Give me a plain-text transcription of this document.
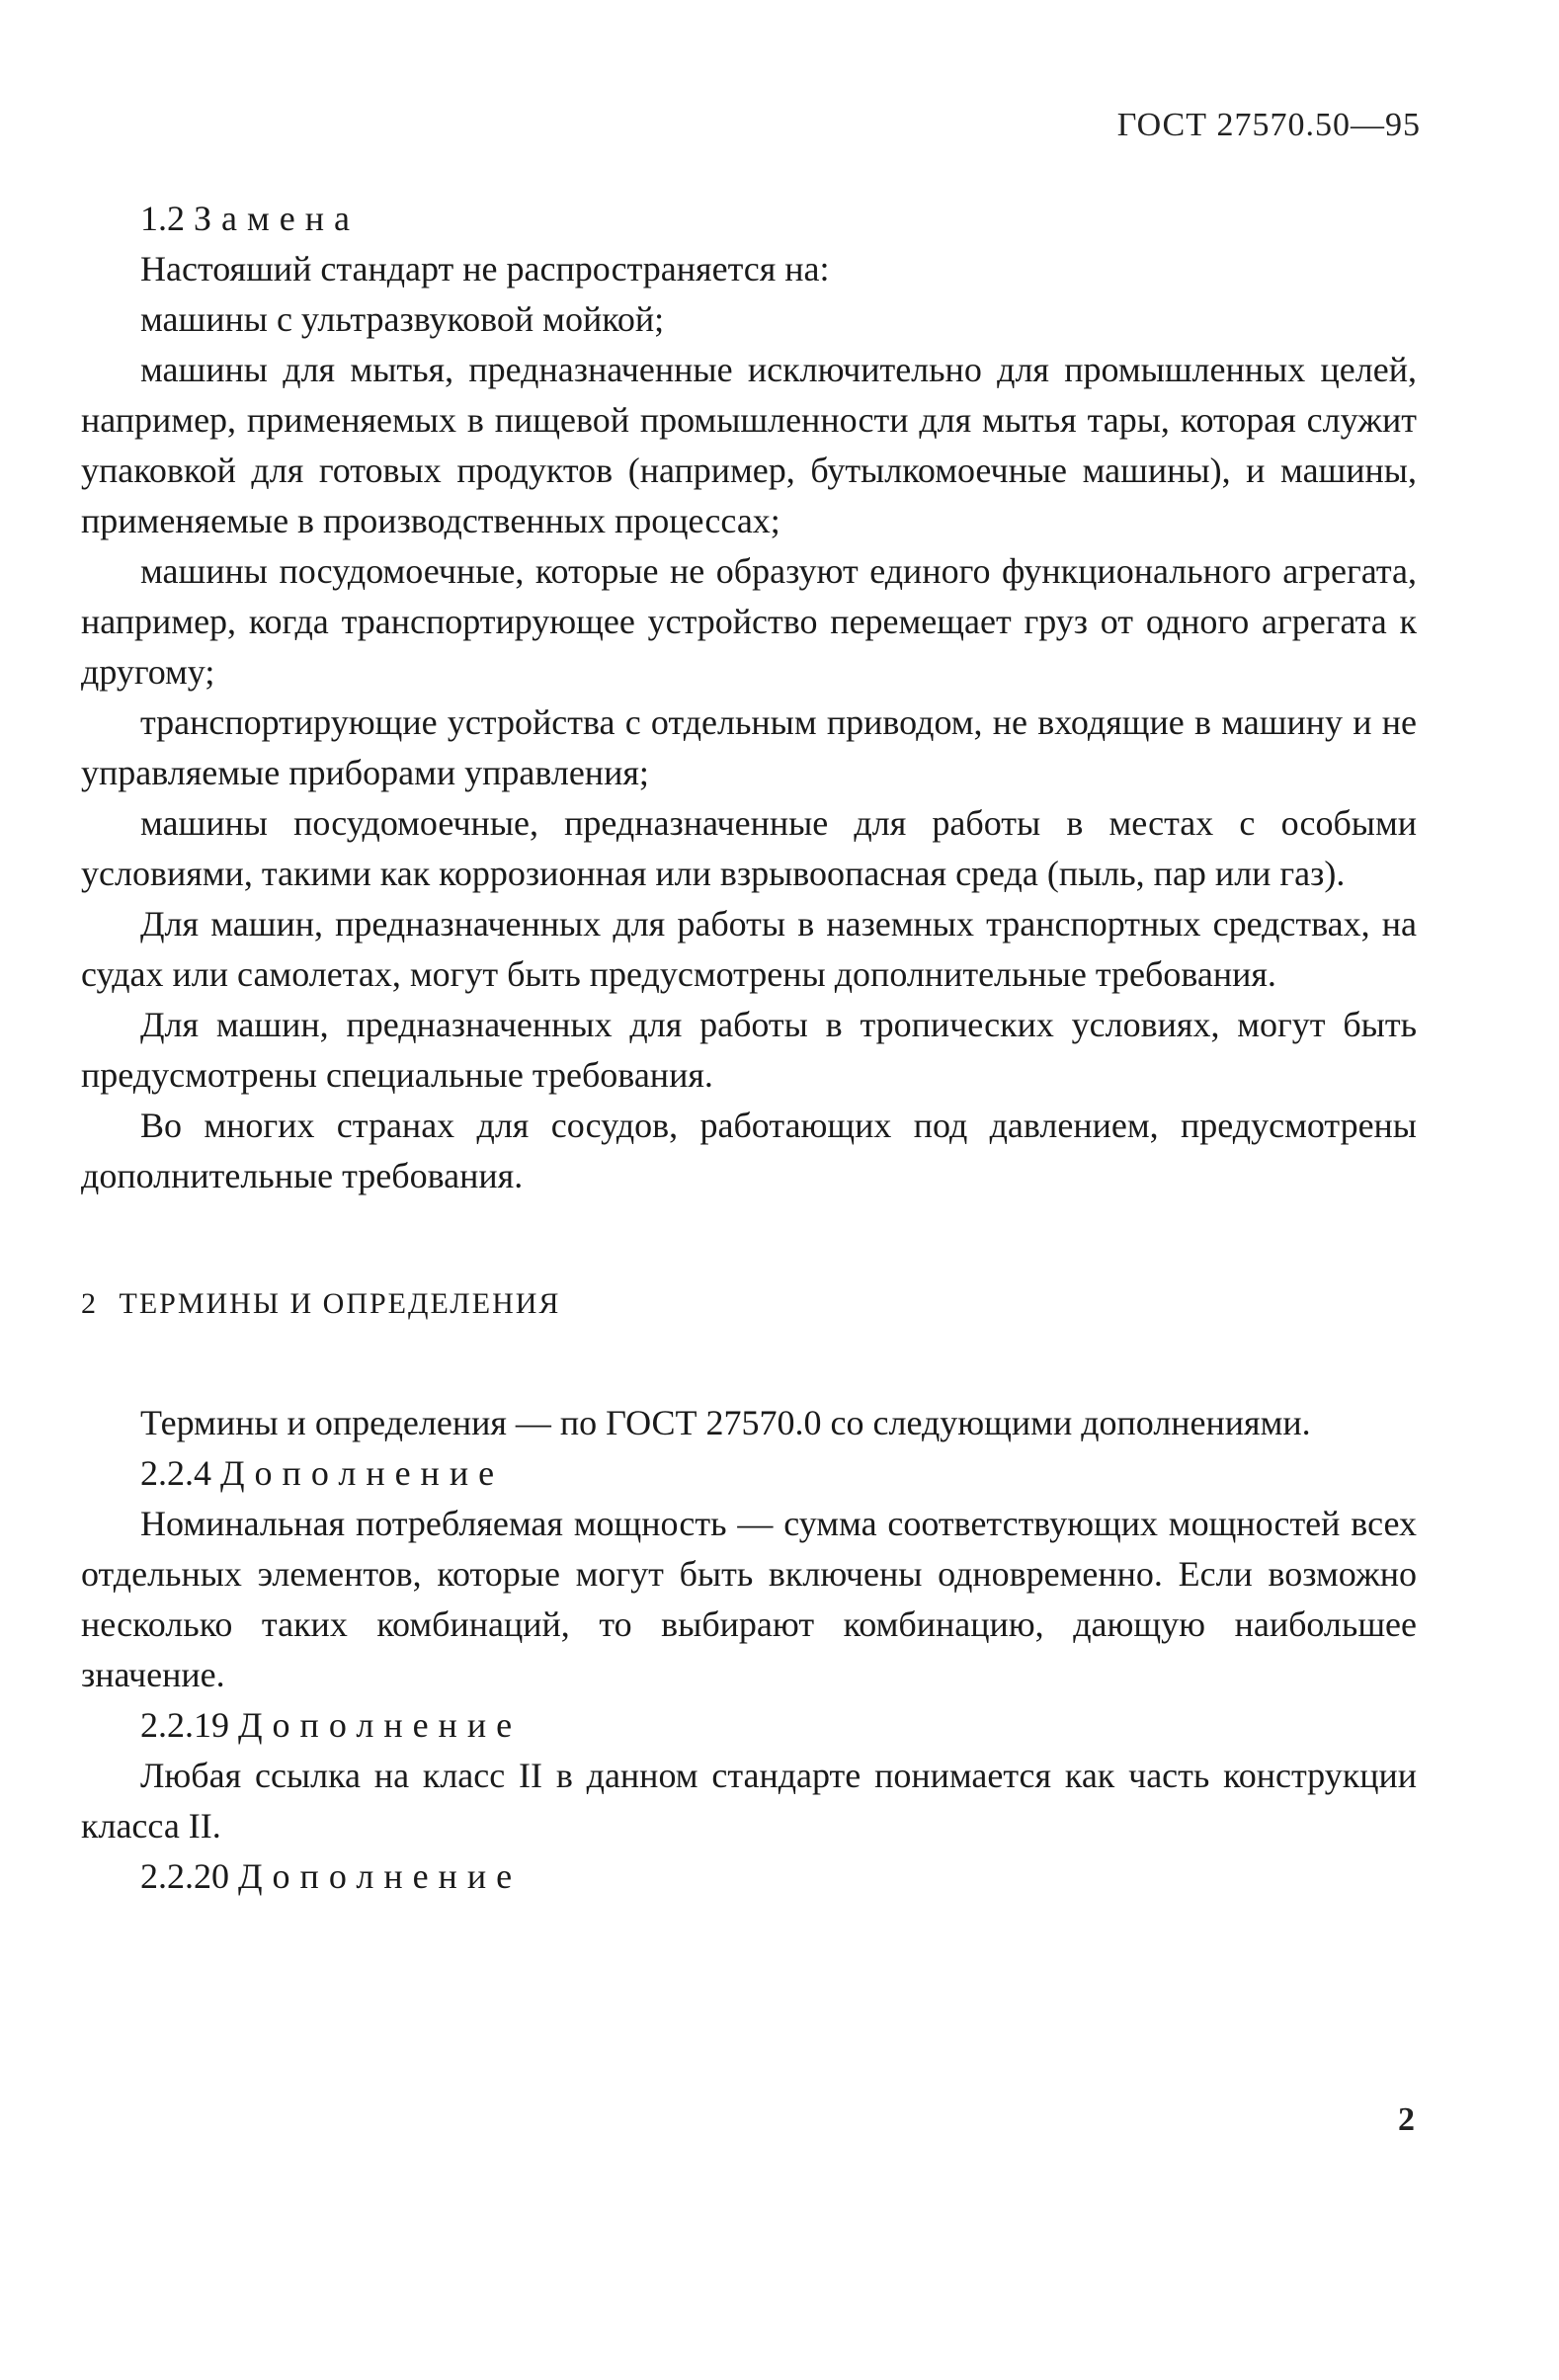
ГОСТ 27570.50—95

1.2 Замена

Настояший стандарт не распространяется на:

машины с ультразвуковой мойкой;

машины для мытья, предназначенные исключительно для промышленных целей, например, применяемых в пищевой промышленности для мытья тары, которая служит упаковкой для готовых продуктов (например, бутылкомоечные машины), и машины, применяемые в производственных процессах;

машины посудомоечные, которые не образуют единого функционального агрегата, например, когда транспортирующее устройство перемещает груз от одного агрегата к другому;

транспортирующие устройства с отдельным приводом, не входящие в машину и не управляемые приборами управления;

машины посудомоечные, предназначенные для работы в местах с особыми условиями, такими как коррозионная или взрывоопасная среда (пыль, пар или газ).

Для машин, предназначенных для работы в наземных транспортных средствах, на судах или самолетах, могут быть предусмотрены дополнительные требования.

Для машин, предназначенных для работы в тропических условиях, могут быть предусмотрены специальные требования.

Во многих странах для сосудов, работающих под давлением, предусмотрены дополнительные требования.

2 ТЕРМИНЫ И ОПРЕДЕЛЕНИЯ

Термины и определения — по ГОСТ 27570.0 со следующими дополнениями.

2.2.4 Дополнение

Номинальная потребляемая мощность — сумма соответствующих мощностей всех отдельных элементов, которые могут быть включены одновременно. Если возможно несколько таких комбинаций, то выбирают комбинацию, дающую наибольшее значение.

2.2.19 Дополнение

Любая ссылка на класс II в данном стандарте понимается как часть конструкции класса II.

2.2.20 Дополнение

2
